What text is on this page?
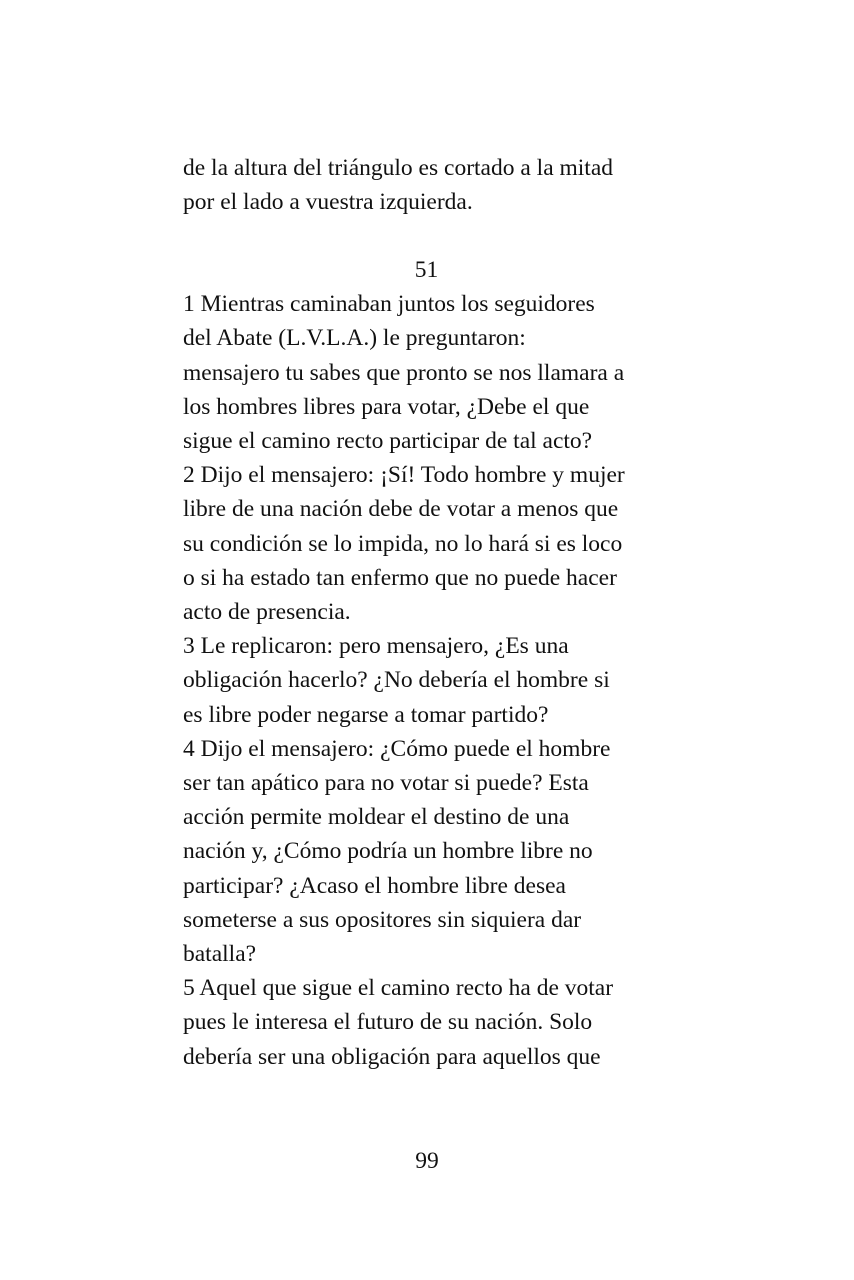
de la altura del triángulo es cortado a la mitad
por el lado a vuestra izquierda.
51
1 Mientras caminaban juntos los seguidores
del Abate (L.V.L.A.) le preguntaron:
mensajero tu sabes que pronto se nos llamara a
los hombres libres para votar, ¿Debe el que
sigue el camino recto participar de tal acto?
2 Dijo el mensajero: ¡Sí! Todo hombre y mujer
libre de una nación debe de votar a menos que
su condición se lo impida, no lo hará si es loco
o si ha estado tan enfermo que no puede hacer
acto de presencia.
3 Le replicaron: pero mensajero, ¿Es una
obligación hacerlo? ¿No debería el hombre si
es libre poder negarse a tomar partido?
4 Dijo el mensajero: ¿Cómo puede el hombre
ser tan apático para no votar si puede? Esta
acción permite moldear el destino de una
nación y, ¿Cómo podría un hombre libre no
participar? ¿Acaso el hombre libre desea
someterse a sus opositores sin siquiera dar
batalla?
5 Aquel que sigue el camino recto ha de votar
pues le interesa el futuro de su nación. Solo
debería ser una obligación para aquellos que
99
